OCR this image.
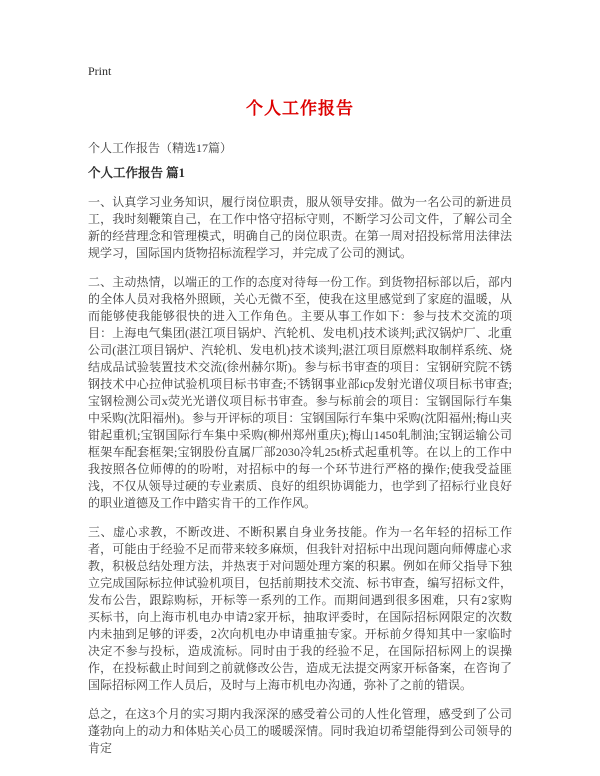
Print
个人工作报告
个人工作报告（精选17篇）
个人工作报告 篇1

一、认真学习业务知识，履行岗位职责，服从领导安排。做为一名公司的新进员工，我时刻鞭策自己，在工作中恪守招标守则，不断学习公司文件，了解公司全新的经营理念和管理模式，明确自己的岗位职责。在第一周对招投标常用法律法规学习，国际国内货物招标流程学习，并完成了公司的测试。

二、主动热情，以端正的工作的态度对待每一份工作。到货物招标部以后，部内的全体人员对我格外照顾，关心无微不至，使我在这里感觉到了家庭的温暖，从而能够使我能够很快的进入工作角色。主要从事工作如下：参与技术交流的项目：上海电气集团(湛江项目锅炉、汽轮机、发电机)技术谈判;武汉锅炉厂、北重公司(湛江项目锅炉、汽轮机、发电机)技术谈判;湛江项目原燃料取制样系统、烧结成品试验装置技术交流(徐州赫尔斯)。参与标书审查的项目：宝钢研究院不锈钢技术中心拉伸试验机项目标书审查;不锈钢事业部icp发射光谱仪项目标书审查;宝钢检测公司x荧光光谱仪项目标书审查。参与标前会的项目：宝钢国际行车集中采购(沈阳福州)。参与开评标的项目：宝钢国际行车集中采购(沈阳福州;梅山夹钳起重机;宝钢国际行车集中采购(柳州郑州重庆);梅山1450轧制油;宝钢运输公司框架车配套框架;宝钢股份直属厂部2030冷轧25t桥式起重机等。在以上的工作中我按照各位师傅的的吩咐，对招标中的每一个环节进行严格的操作;使我受益匪浅，不仅从领导过硬的专业素质、良好的组织协调能力，也学到了招标行业良好的职业道德及工作中踏实肯干的工作作风。

三、虚心求教，不断改进、不断积累自身业务技能。作为一名年轻的招标工作者，可能由于经验不足而带来较多麻烦，但我针对招标中出现问题向师傅虚心求教，积极总结处理方法，并热衷于对问题处理方案的积累。例如在师父指导下独立完成国际标拉伸试验机项目，包括前期技术交流、标书审查，编写招标文件，发布公告，跟踪购标，开标等一系列的工作。而期间遇到很多困难，只有2家购买标书，向上海市机电办申请2家开标，抽取评委时，在国际招标网限定的次数内未抽到足够的评委，2次向机电办申请重抽专家。开标前夕得知其中一家临时决定不参与投标，造成流标。同时由于我的经验不足，在国际招标网上的误操作，在投标截止时间到之前就修改公告，造成无法提交两家开标备案，在咨询了国际招标网工作人员后，及时与上海市机电办沟通，弥补了之前的错误。

总之，在这3个月的实习期内我深深的感受着公司的人性化管理，感受到了公司蓬勃向上的动力和体贴关心员工的暖暖深情。同时我迫切希望能得到公司领导的肯定
